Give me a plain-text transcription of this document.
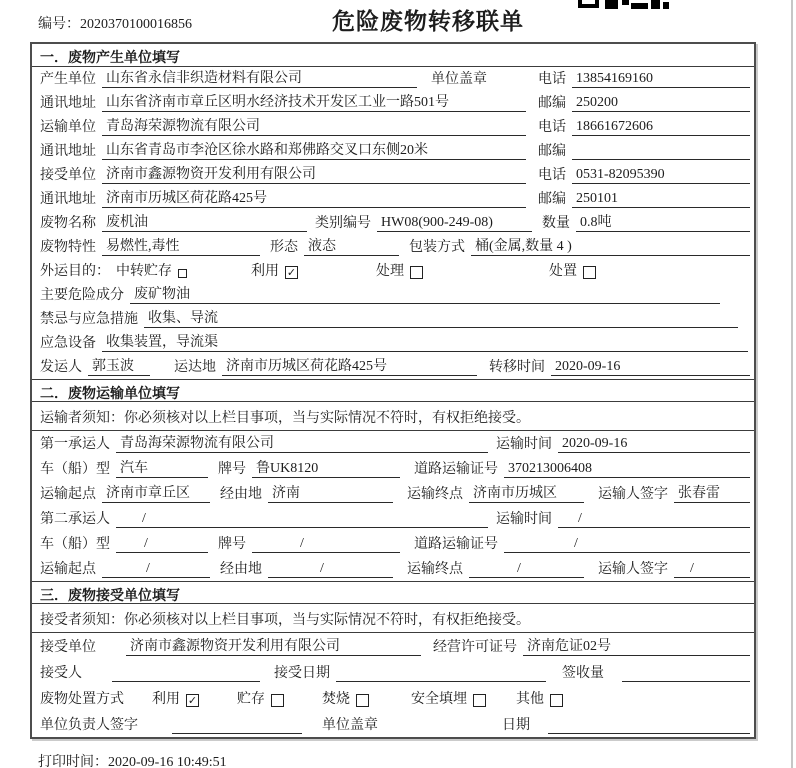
编号：2020370100016856	危险废物转移联单
一．废物产生单位填写
产生单位 山东省永信非织造材料有限公司	单位盖章	电话 13854169160
通讯地址 山东省济南市章丘区明水经济技术开发区工业一路501号	邮编 250200
运输单位 青岛海荣源物流有限公司	电话 18661672606
通讯地址 山东省青岛市李沧区徐水路和郑佛路交叉口东侧20米	邮编
接受单位 济南市鑫源物资开发利用有限公司	电话 0531-82095390
通讯地址 济南市历城区荷花路425号	邮编 250101
废物名称 废机油	类别编号 HW08(900-249-08)	数量 0.8吨
废物特性 易燃性,毒性	形态 液态	包装方式 桶(金属,数量 4 )
外运目的： 中转贮存	利用 ✓	处理	处置
主要危险成分 废矿物油
禁忌与应急措施 收集、导流
应急设备 收集装置，导流渠
发运人 郭玉波	运达地 济南市历城区荷花路425号	转移时间 2020-09-16
二．废物运输单位填写
运输者须知：你必须核对以上栏目事项，当与实际情况不符时，有权拒绝接受。
第一承运人 青岛海荣源物流有限公司	运输时间 2020-09-16
车（船）型 汽车	牌号 鲁UK8120	道路运输证号 370213006408
运输起点 济南市章丘区	经由地 济南	运输终点 济南市历城区	运输人签字 张春雷
第二承运人	/	运输时间	/
车（船）型	/	牌号	/	道路运输证号	/
运输起点	/	经由地	/	运输终点	/	运输人签字	/
三．废物接受单位填写
接受者须知：你必须核对以上栏目事项，当与实际情况不符时，有权拒绝接受。
接受单位 济南市鑫源物资开发利用有限公司	经营许可证号 济南危证02号
接受人	接受日期	签收量
废物处置方式 利用 ✓	贮存	焚烧	安全填埋	其他
单位负责人签字	单位盖章	日期
打印时间：2020-09-16 10:49:51
